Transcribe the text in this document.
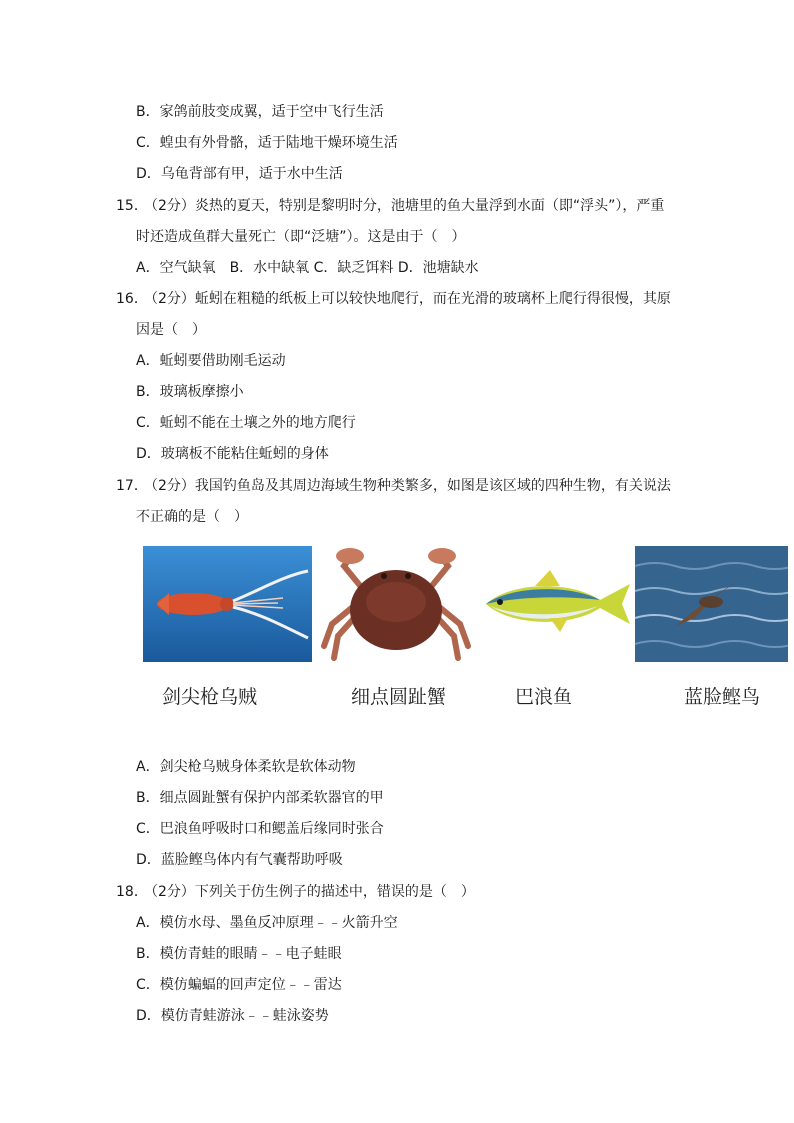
B．家鸽前肢变成翼，适于空中飞行生活
C．蝗虫有外骨骼，适于陆地干燥环境生活
D．乌龟背部有甲，适于水中生活
15．
（2分）炎热的夏天，特别是黎明时分，池塘里的鱼大量浮到水面（即“浮头”），严重
时还造成鱼群大量死亡（即“泛塘”）。这是由于（　）
A．空气缺氧　B．水中缺氧 C．缺乏饵料 D．池塘缺水
16．
（2分）蚯蚓在粗糙的纸板上可以较快地爬行，而在光滑的玻璃杯上爬行得很慢，其原
因是（　）
A．蚯蚓要借助刚毛运动
B．玻璃板摩擦小
C．蚯蚓不能在土壤之外的地方爬行
D．玻璃板不能粘住蚯蚓的身体
17．
（2分）我国钓鱼岛及其周边海域生物种类繁多，如图是该区域的四种生物，有关说法
不正确的是（　）
剑尖枪乌贼	细点圆趾蟹	巴浪鱼	蓝脸鲣鸟
A．剑尖枪乌贼身体柔软是软体动物
B．细点圆趾蟹有保护内部柔软器官的甲
C．巴浪鱼呼吸时口和鳃盖后缘同时张合
D．蓝脸鲣鸟体内有气囊帮助呼吸
18．
（2分）下列关于仿生例子的描述中，错误的是（　）
A．模仿水母、墨鱼反冲原理﹣﹣火箭升空
B．模仿青蛙的眼睛﹣﹣电子蛙眼
C．模仿蝙蝠的回声定位﹣﹣雷达
D．模仿青蛙游泳﹣﹣蛙泳姿势
